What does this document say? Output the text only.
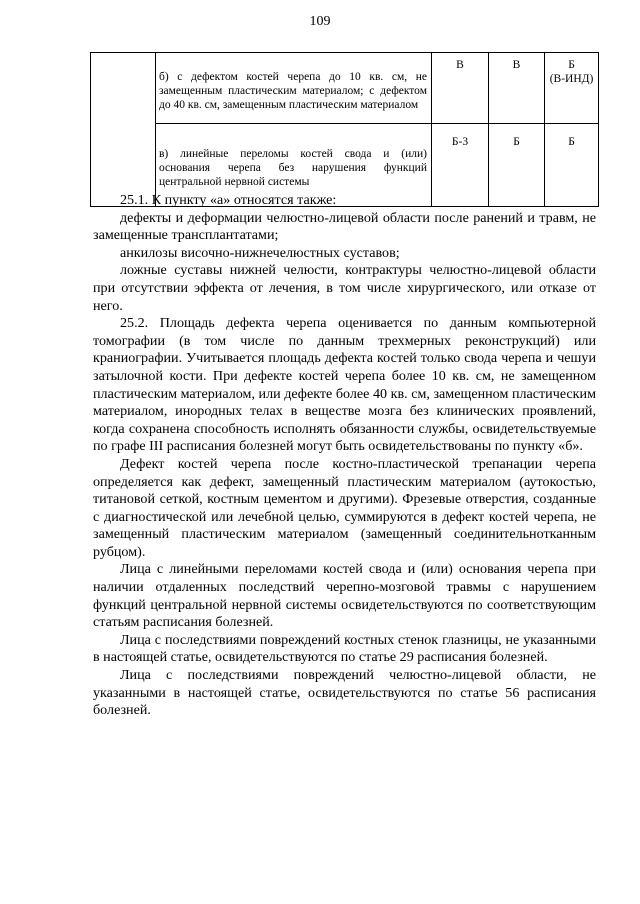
109

	б) с дефектом костей черепа до 10 кв. см, не замещенным пластическим материалом; с дефектом до 40 кв. см, замещенным пластическим материалом	В	В	Б
(В-ИНД)

	в) линейные переломы костей свода и (или) основания черепа без нарушения функций центральной нервной системы	Б-3	Б	Б

25.1. К пункту «а» относятся также:

дефекты и деформации челюстно-лицевой области после ранений и травм, не замещенные трансплантатами;

анкилозы височно-нижнечелюстных суставов;

ложные суставы нижней челюсти, контрактуры челюстно-лицевой области при отсутствии эффекта от лечения, в том числе хирургического, или отказе от него.

25.2. Площадь дефекта черепа оценивается по данным компьютерной томографии (в том числе по данным трехмерных реконструкций) или краниографии. Учитывается площадь дефекта костей только свода черепа и чешуи затылочной кости. При дефекте костей черепа более 10 кв. см, не замещенном пластическим материалом, или дефекте более 40 кв. см, замещенном пластическим материалом, инородных телах в веществе мозга без клинических проявлений, когда сохранена способность исполнять обязанности службы, освидетельствуемые по графе III расписания болезней могут быть освидетельствованы по пункту «б».

Дефект костей черепа после костно-пластической трепанации черепа определяется как дефект, замещенный пластическим материалом (аутокостью, титановой сеткой, костным цементом и другими). Фрезевые отверстия, созданные с диагностической или лечебной целью, суммируются в дефект костей черепа, не замещенный пластическим материалом (замещенный соединительнотканным рубцом).

Лица с линейными переломами костей свода и (или) основания черепа при наличии отдаленных последствий черепно-мозговой травмы с нарушением функций центральной нервной системы освидетельствуются по соответствующим статьям расписания болезней.

Лица с последствиями повреждений костных стенок глазницы, не указанными в настоящей статье, освидетельствуются по статье 29 расписания болезней.

Лица с последствиями повреждений челюстно-лицевой области, не указанными в настоящей статье, освидетельствуются по статье 56 расписания болезней.
